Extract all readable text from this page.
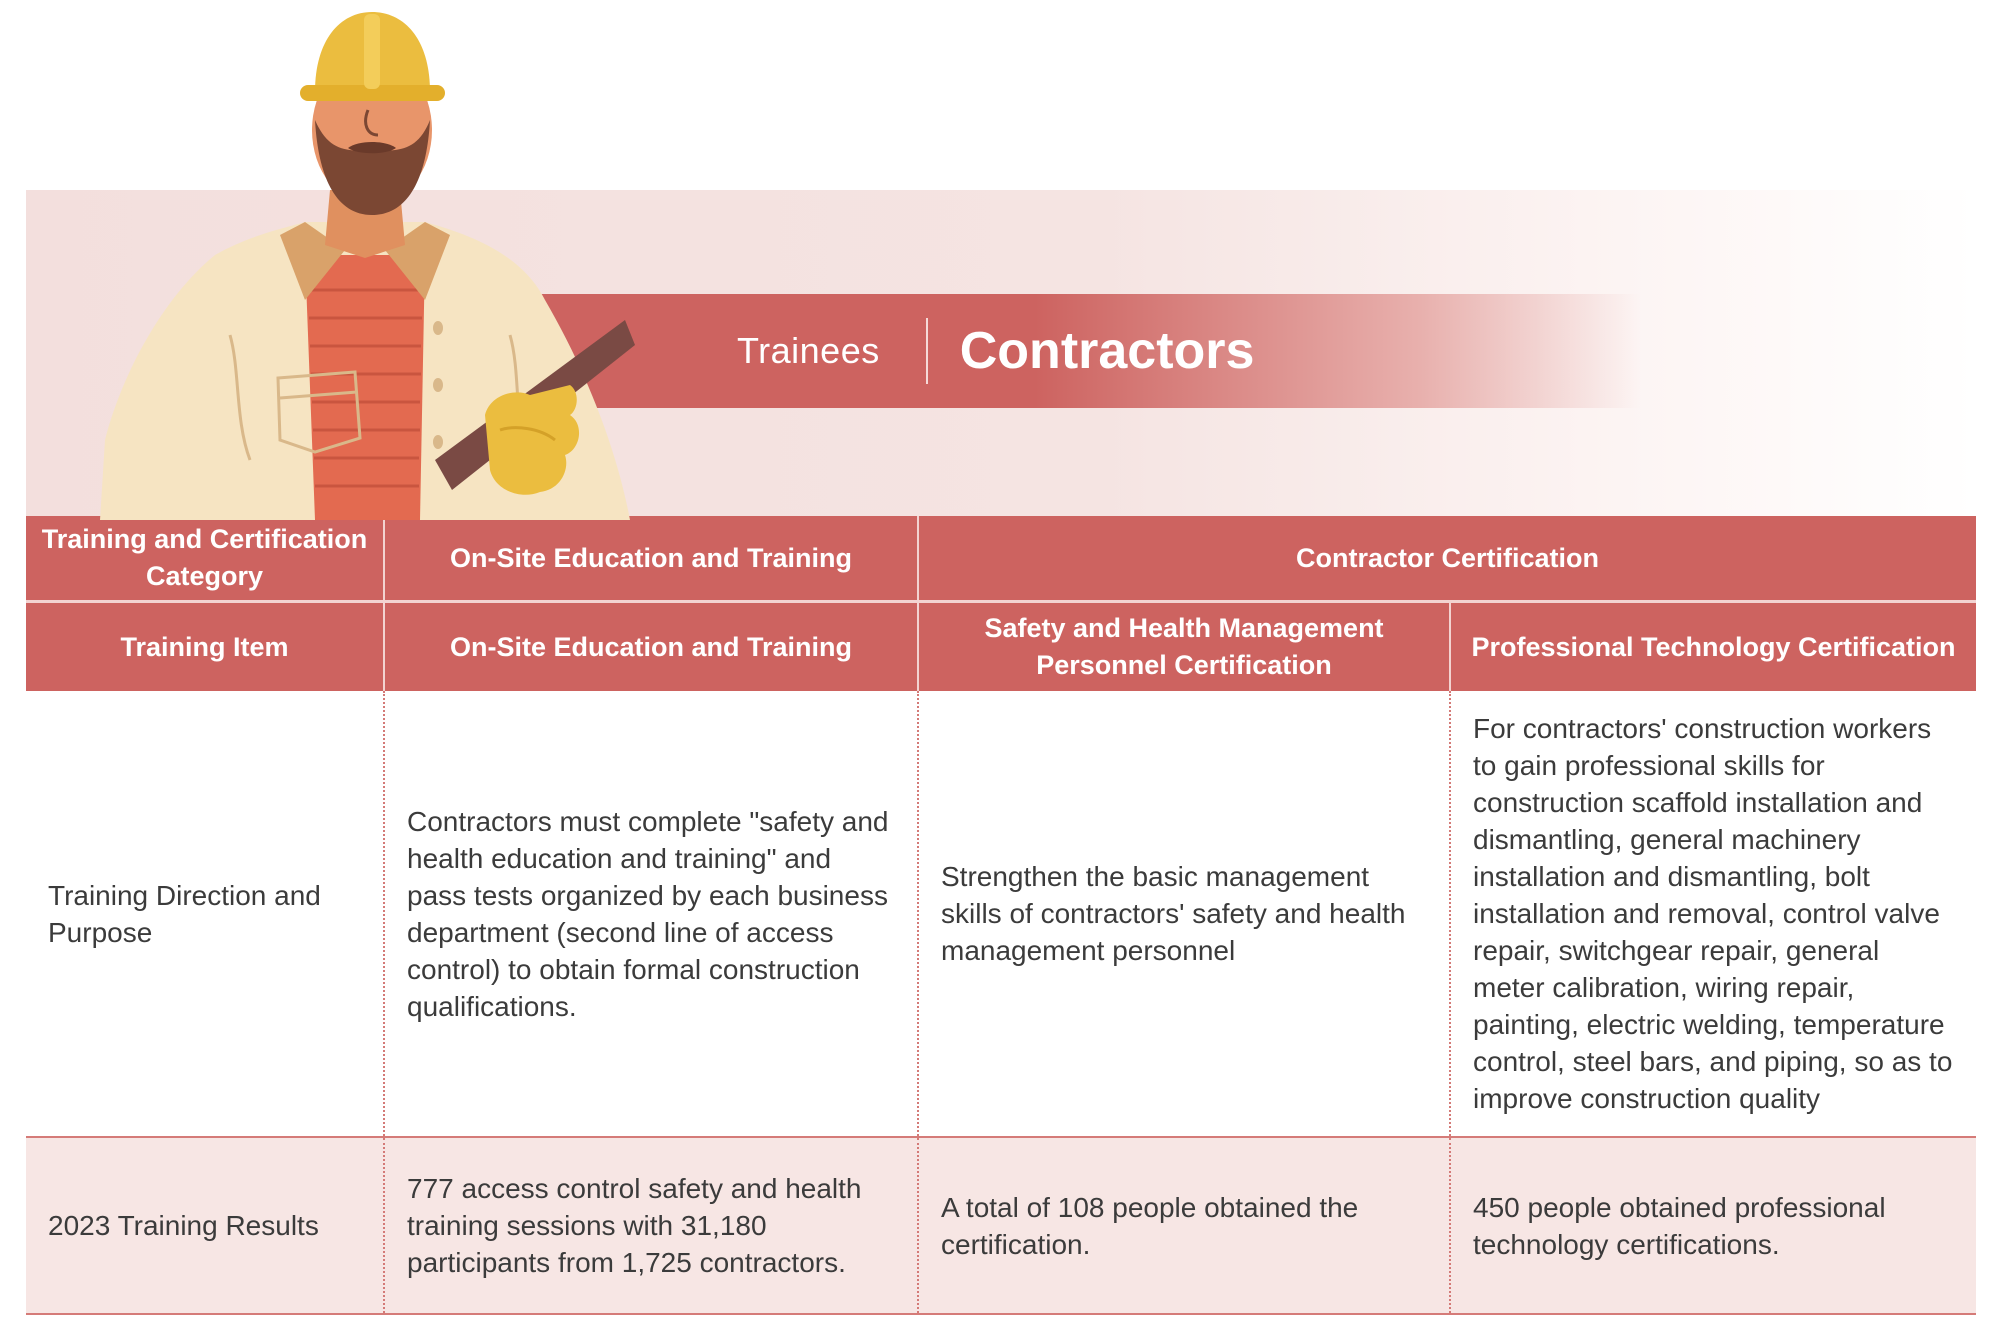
Trainees Contractors
Training and Certification Category	On-Site Education and Training	Contractor Certification	
Training Item	On-Site Education and Training	Safety and Health Management Personnel Certification	Professional Technology Certification
Training Direction and Purpose	Contractors must complete "safety and health education and training" and pass tests organized by each business department (second line of access control) to obtain formal construction qualifications.	Strengthen the basic management skills of contractors' safety and health management personnel	For contractors' construction workers to gain professional skills for construction scaffold installation and dismantling, general machinery installation and dismantling, bolt installation and removal, control valve repair, switchgear repair, general meter calibration, wiring repair, painting, electric welding, temperature control, steel bars, and piping, so as to improve construction quality
2023 Training Results	777 access control safety and health training sessions with 31,180 participants from 1,725 contractors.	A total of 108 people obtained the certification.	450 people obtained professional technology certifications.
